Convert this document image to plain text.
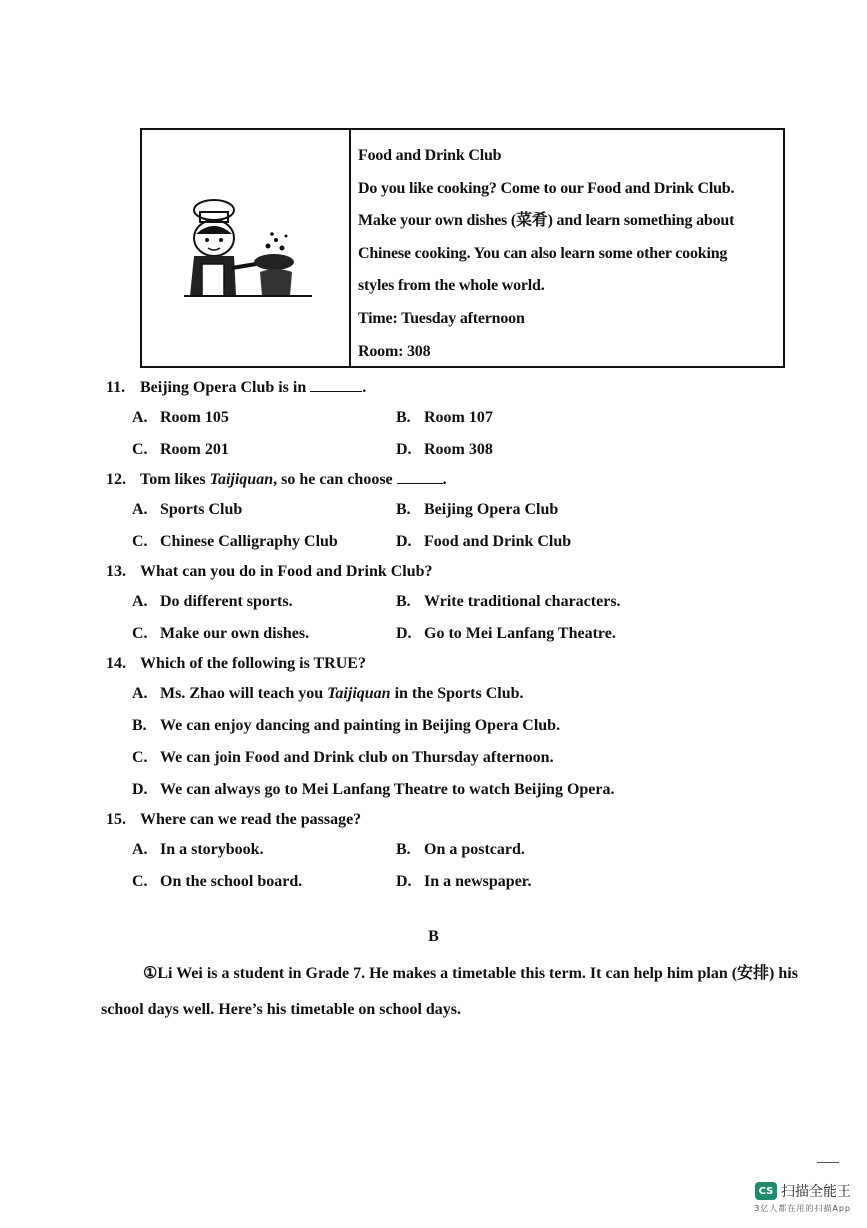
Food and Drink Club
Do you like cooking? Come to our Food and Drink Club.
Make your own dishes (菜肴) and learn something about
Chinese cooking. You can also learn some other cooking
styles from the whole world.
Time: Tuesday afternoon
Room: 308
11. Beijing Opera Club is in	.
A. Room 105	B. Room 107
C. Room 201	D. Room 308
12. Tom likes Taijiquan, so he can choose	.
A. Sports Club	B. Beijing Opera Club
C. Chinese Calligraphy Club	D. Food and Drink Club
13. What can you do in Food and Drink Club?
A. Do different sports.	B. Write traditional characters.
C. Make our own dishes.	D. Go to Mei Lanfang Theatre.
14. Which of the following is TRUE?
A. Ms. Zhao will teach you Taijiquan in the Sports Club.
B. We can enjoy dancing and painting in Beijing Opera Club.
C. We can join Food and Drink club on Thursday afternoon.
D. We can always go to Mei Lanfang Theatre to watch Beijing Opera.
15. Where can we read the passage?
A. In a storybook.	B. On a postcard.
C. On the school board.	D. In a newspaper.
B
①Li Wei is a student in Grade 7. He makes a timetable this term. It can help him plan (安排) his
school days well. Here’s his timetable on school days.
CS 扫描全能王
3亿人都在用的扫描App
